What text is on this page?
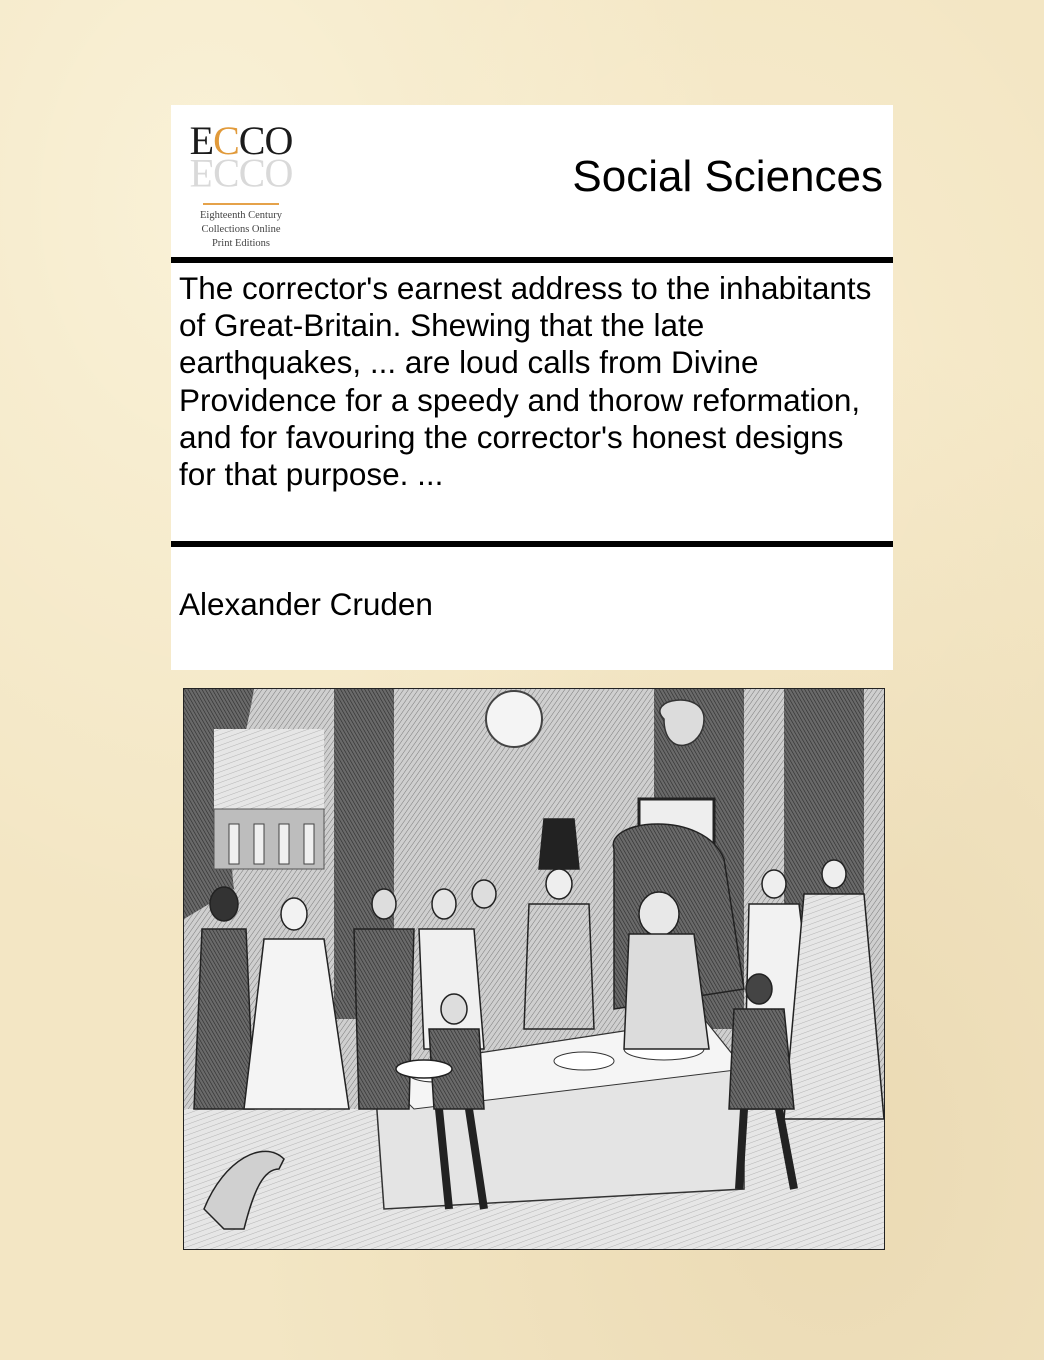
ECCO
ECCO
Eighteenth Century
Collections Online
Print Editions
Social Sciences
The corrector's earnest address to the inhabitants of Great-Britain. Shewing that the late earthquakes, ... are loud calls from Divine Providence for a speedy and thorow reformation, and for favouring the corrector's honest designs for that purpose. ...
Alexander Cruden
